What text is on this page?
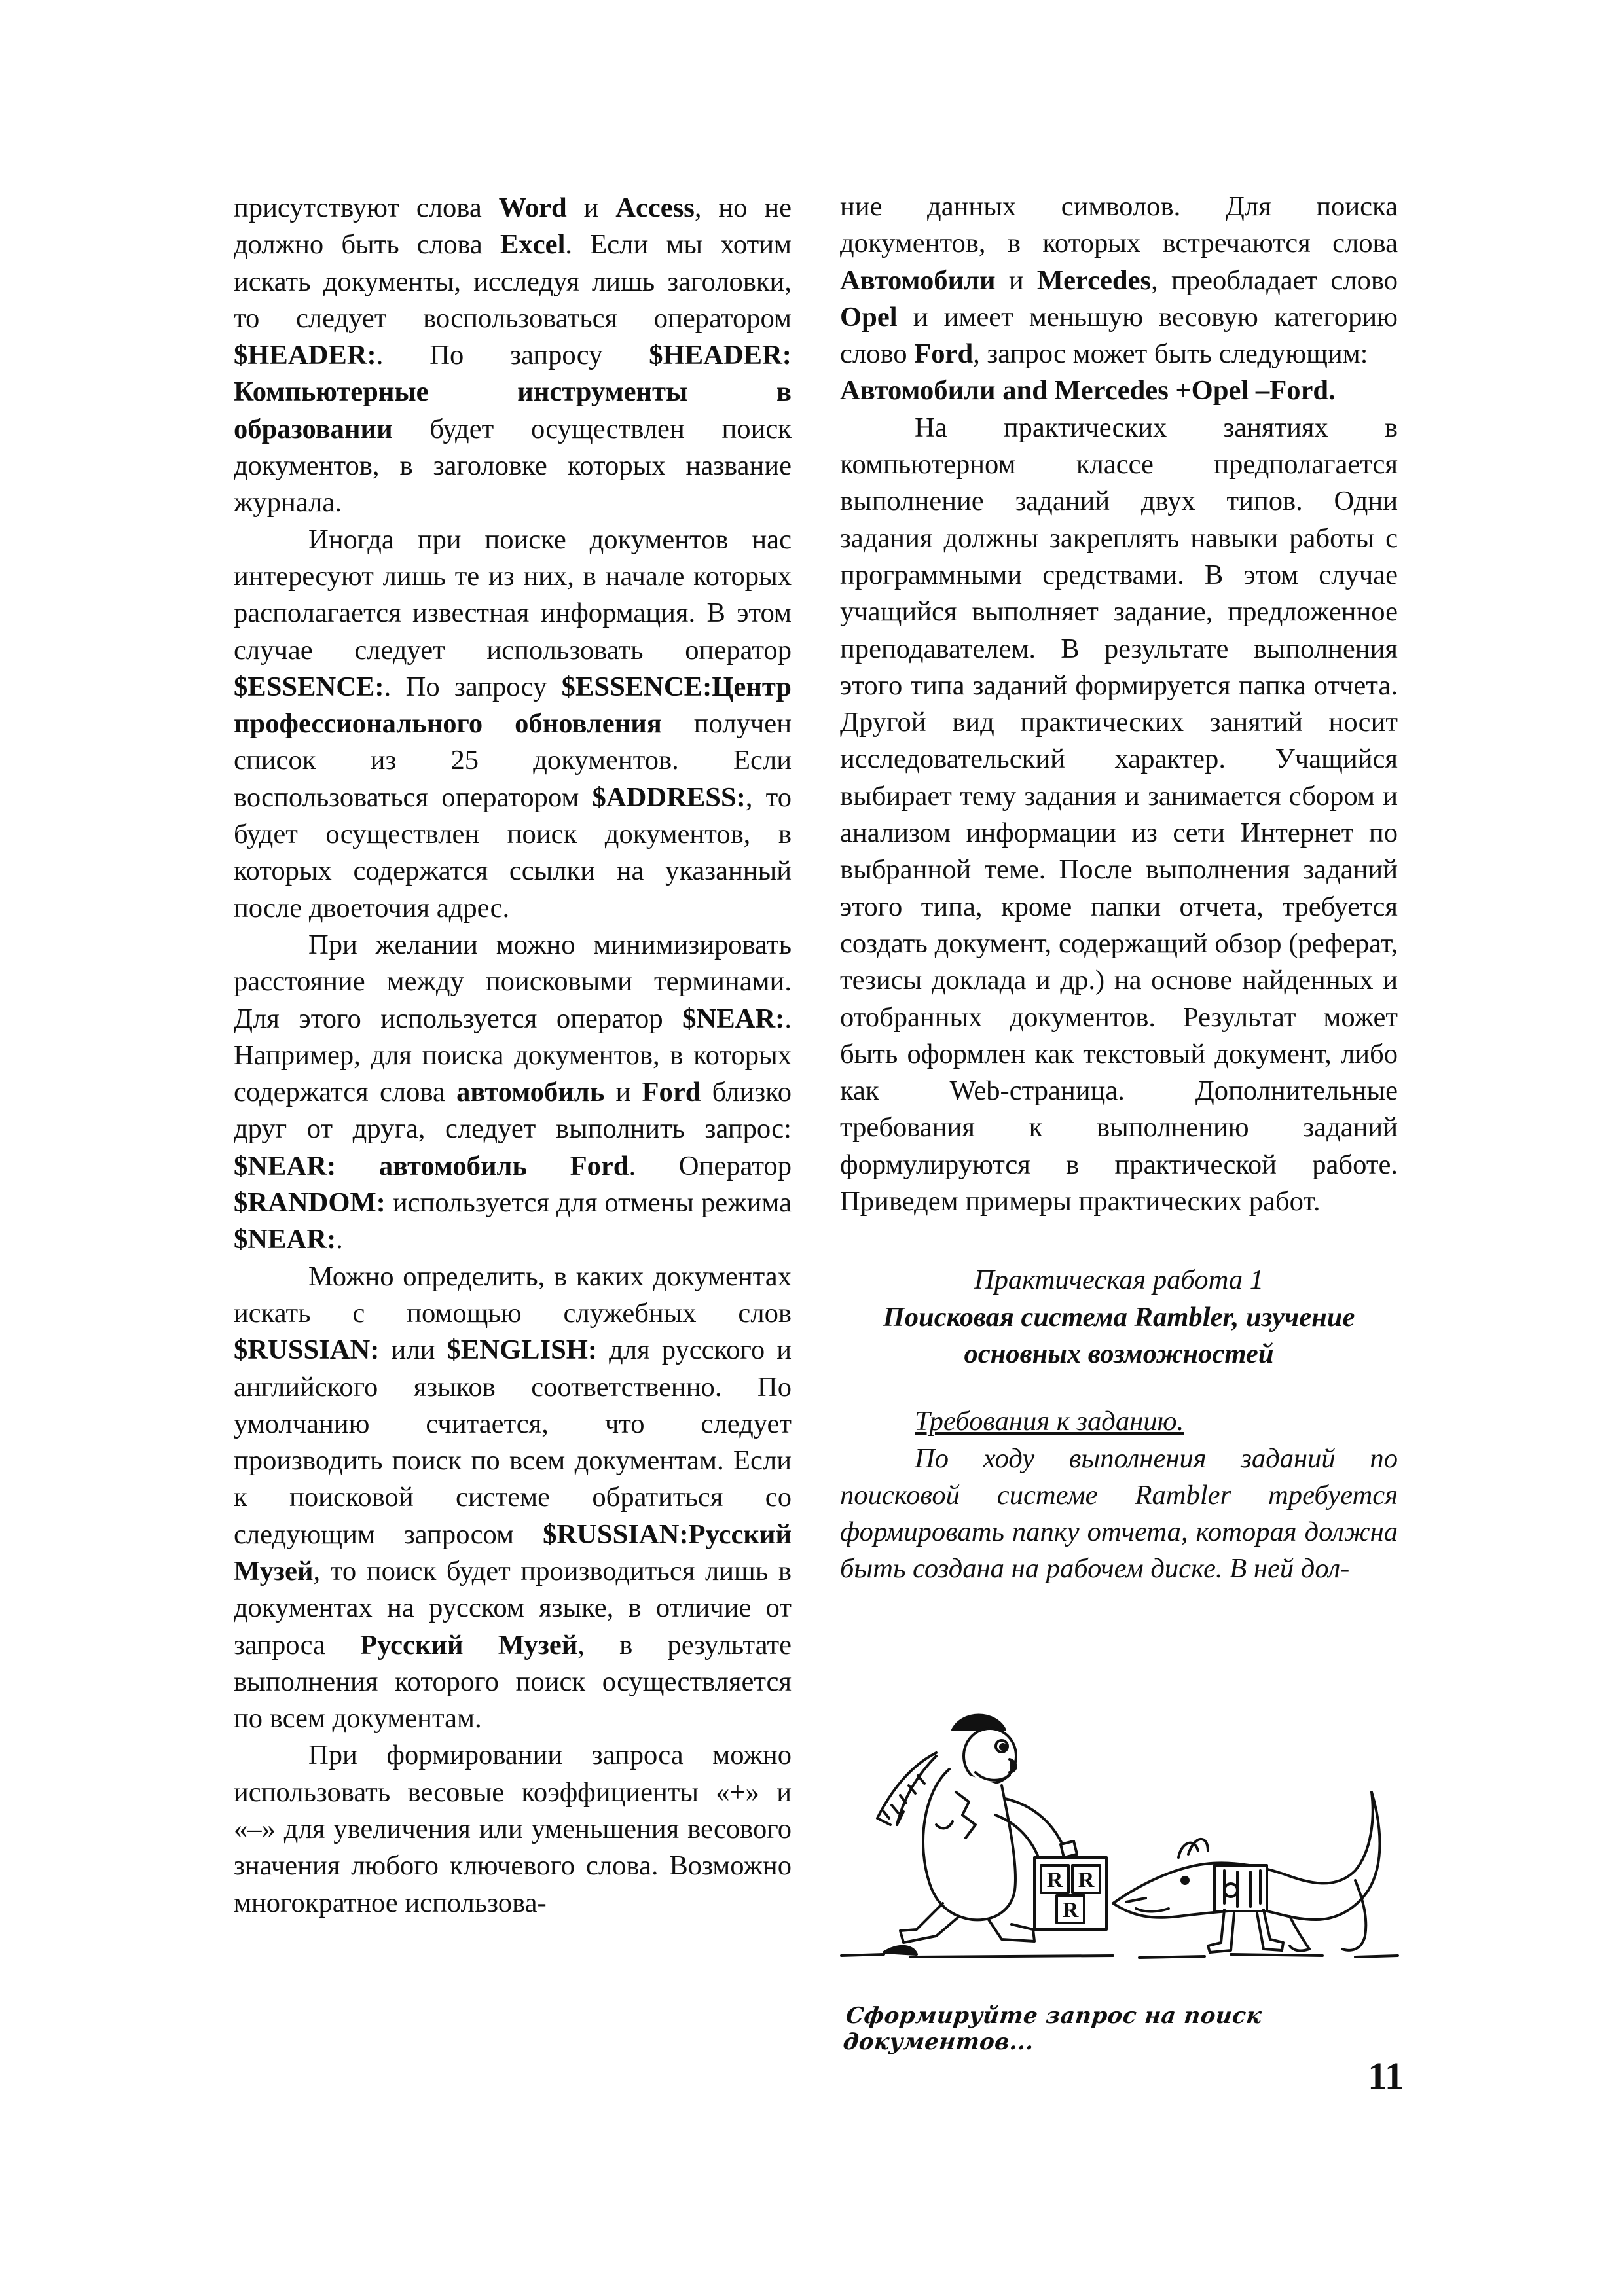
присутствуют слова Word и Access, но не должно быть слова Excel. Если мы хотим искать документы, исследуя лишь заголовки, то следует воспользоваться оператором $HEADER:. По запросу $HEADER: Компьютерные инструменты в образовании будет осуществлен поиск документов, в заголовке которых название журнала.

Иногда при поиске документов нас интересуют лишь те из них, в начале которых располагается известная информация. В этом случае следует использовать оператор $ESSENCE:. По запросу $ESSENCE:Центр профессионального обновления получен список из 25 документов. Если воспользоваться оператором $ADDRESS:, то будет осуществлен поиск документов, в которых содержатся ссылки на указанный после двоеточия адрес.

При желании можно минимизировать расстояние между поисковыми терминами. Для этого используется оператор $NEAR:. Например, для поиска документов, в которых содержатся слова автомобиль и Ford близко друг от друга, следует выполнить запрос: $NEAR: автомобиль Ford. Оператор $RANDOM: используется для отмены режима $NEAR:.

Можно определить, в каких документах искать с помощью служебных слов $RUSSIAN: или $ENGLISH: для русского и английского языков соответственно. По умолчанию считается, что следует производить поиск по всем документам. Если к поисковой системе обратиться со следующим запросом $RUSSIAN:Русский Музей, то поиск будет производиться лишь в документах на русском языке, в отличие от запроса Русский Музей, в результате выполнения которого поиск осуществляется по всем документам.

При формировании запроса можно использовать весовые коэффициенты «+» и «–» для увеличения или уменьшения весового значения любого ключевого слова. Возможно многократное использова-

ние данных символов. Для поиска документов, в которых встречаются слова Автомобили и Mercedes, преобладает слово Opel и имеет меньшую весовую категорию слово Ford, запрос может быть следующим:

Автомобили and Mercedes +Opel –Ford.

На практических занятиях в компьютерном классе предполагается выполнение заданий двух типов. Одни задания должны закреплять навыки работы с программными средствами. В этом случае учащийся выполняет задание, предложенное преподавателем. В результате выполнения этого типа заданий формируется папка отчета. Другой вид практических занятий носит исследовательский характер. Учащийся выбирает тему задания и занимается сбором и анализом информации из сети Интернет по выбранной теме. После выполнения заданий этого типа, кроме папки отчета, требуется создать документ, содержащий обзор (реферат, тезисы доклада и др.) на основе найденных и отобранных документов. Результат может быть оформлен как текстовый документ, либо как Web-страница. Дополнительные требования к выполнению заданий формулируются в практической работе. Приведем примеры практических работ.

Практическая работа 1

Поисковая система Rambler, изучение
основных возможностей

Требования к заданию.

По ходу выполнения заданий по поисковой системе Rambler требуется формировать папку отчета, которая должна быть создана на рабочем диске. В ней дол-

R R
R
Сформируйте запрос на поиск документов...
11
